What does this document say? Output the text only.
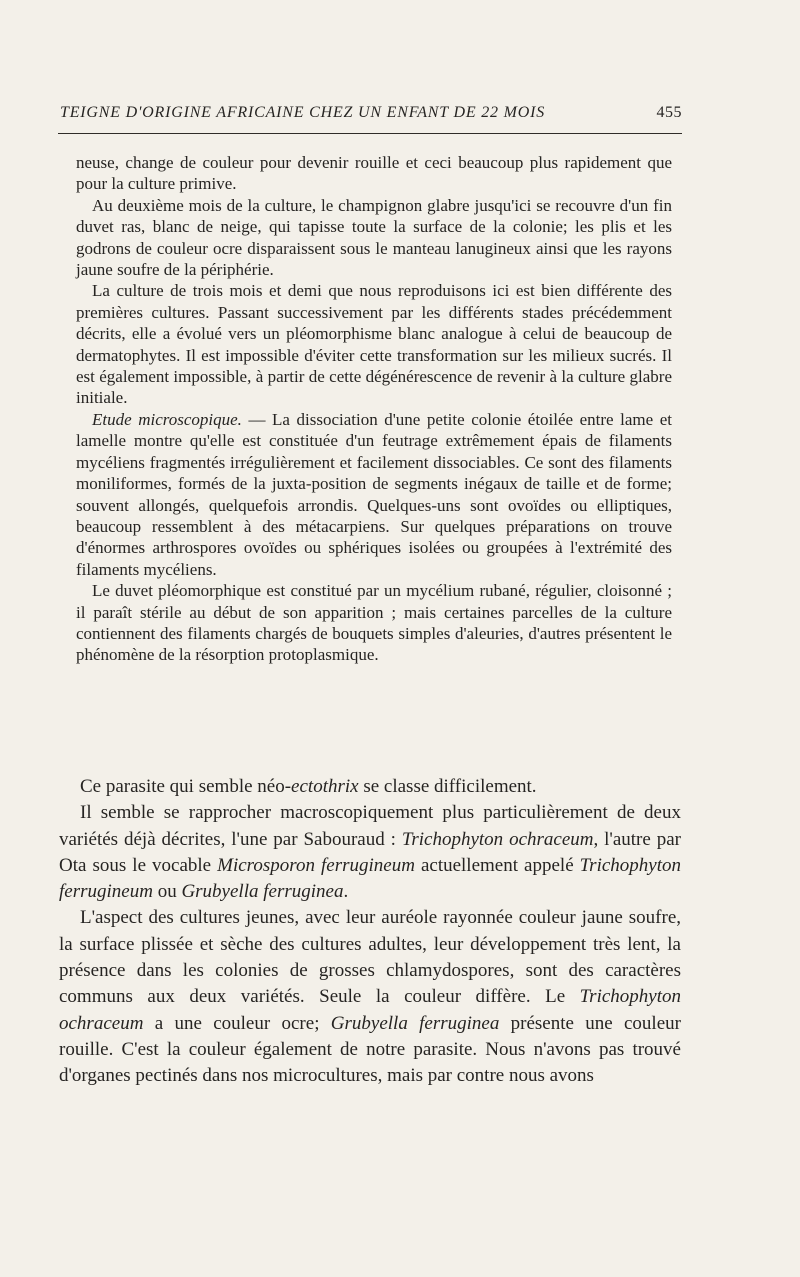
TEIGNE D'ORIGINE AFRICAINE CHEZ UN ENFANT DE 22 MOIS	455

neuse, change de couleur pour devenir rouille et ceci beaucoup plus rapidement que pour la culture primive.

Au deuxième mois de la culture, le champignon glabre jusqu'ici se recouvre d'un fin duvet ras, blanc de neige, qui tapisse toute la surface de la colonie; les plis et les godrons de couleur ocre disparaissent sous le manteau lanugineux ainsi que les rayons jaune soufre de la périphérie.

La culture de trois mois et demi que nous reproduisons ici est bien différente des premières cultures. Passant successivement par les différents stades précédemment décrits, elle a évolué vers un pléomorphisme blanc analogue à celui de beaucoup de dermatophytes. Il est impossible d'éviter cette transformation sur les milieux sucrés. Il est également impossible, à partir de cette dégénérescence de revenir à la culture glabre initiale.

Etude microscopique. — La dissociation d'une petite colonie étoilée entre lame et lamelle montre qu'elle est constituée d'un feutrage extrêmement épais de filaments mycéliens fragmentés irrégulièrement et facilement dissociables. Ce sont des filaments moniliformes, formés de la juxta-position de segments inégaux de taille et de forme; souvent allongés, quelquefois arrondis. Quelques-uns sont ovoïdes ou elliptiques, beaucoup ressemblent à des métacarpiens. Sur quelques préparations on trouve d'énormes arthrospores ovoïdes ou sphériques isolées ou groupées à l'extrémité des filaments mycéliens.

Le duvet pléomorphique est constitué par un mycélium rubané, régulier, cloisonné ; il paraît stérile au début de son apparition ; mais certaines parcelles de la culture contiennent des filaments chargés de bouquets simples d'aleuries, d'autres présentent le phénomène de la résorption protoplasmique.

Ce parasite qui semble néo-ectothrix se classe difficilement.

Il semble se rapprocher macroscopiquement plus particulièrement de deux variétés déjà décrites, l'une par Sabouraud : Trichophyton ochraceum, l'autre par Ota sous le vocable Microsporon ferrugineum actuellement appelé Trichophyton ferrugineum ou Grubyella ferruginea.

L'aspect des cultures jeunes, avec leur auréole rayonnée couleur jaune soufre, la surface plissée et sèche des cultures adultes, leur développement très lent, la présence dans les colonies de grosses chlamydospores, sont des caractères communs aux deux variétés. Seule la couleur diffère. Le Trichophyton ochraceum a une couleur ocre; Grubyella ferruginea présente une couleur rouille. C'est la couleur également de notre parasite. Nous n'avons pas trouvé d'organes pectinés dans nos microcultures, mais par contre nous avons
